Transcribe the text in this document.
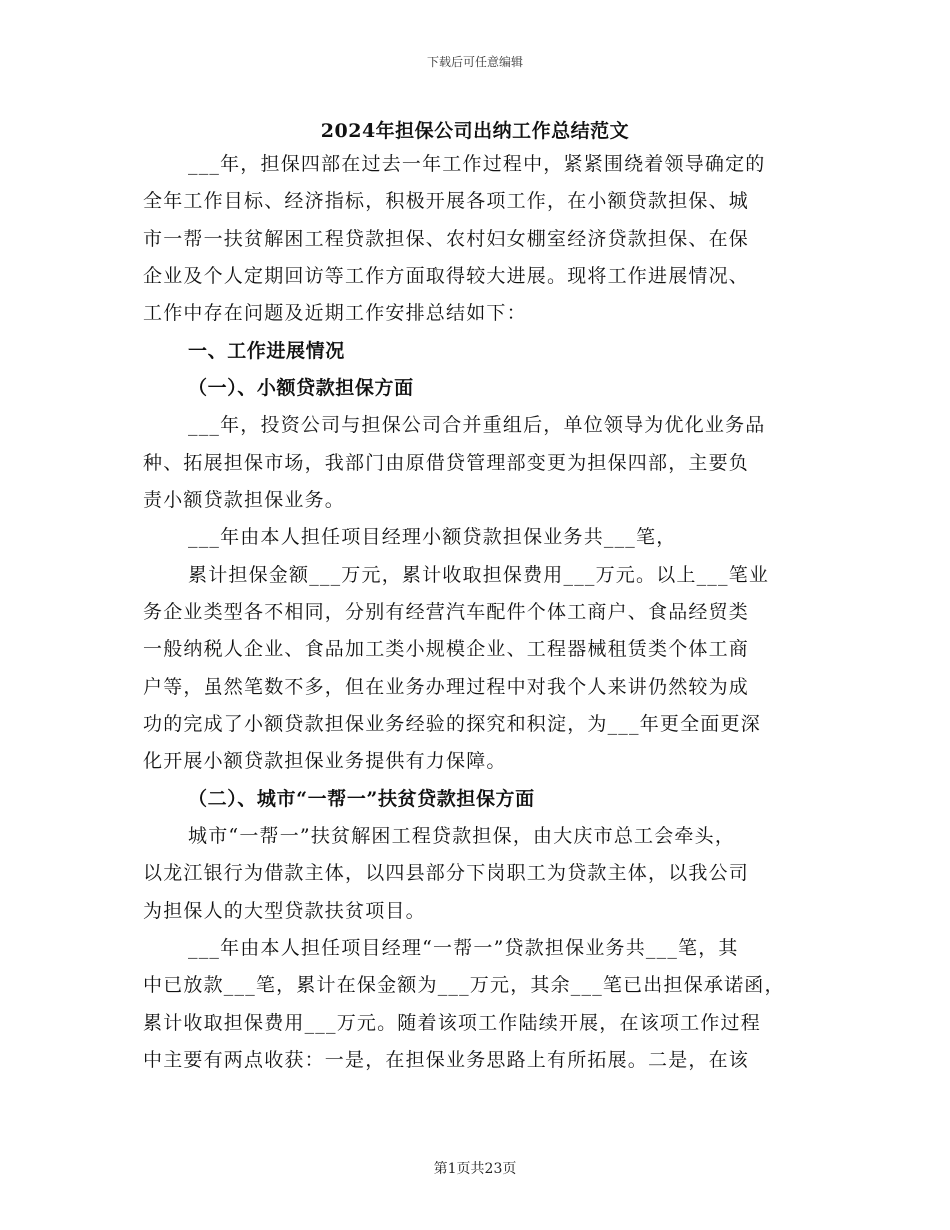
下载后可任意编辑
2024年担保公司出纳工作总结范文
___年，担保四部在过去一年工作过程中，紧紧围绕着领导确定的
全年工作目标、经济指标，积极开展各项工作，在小额贷款担保、城
市一帮一扶贫解困工程贷款担保、农村妇女棚室经济贷款担保、在保
企业及个人定期回访等工作方面取得较大进展。现将工作进展情况、
工作中存在问题及近期工作安排总结如下：
一、工作进展情况
（一）、小额贷款担保方面
___年，投资公司与担保公司合并重组后，单位领导为优化业务品
种、拓展担保市场，我部门由原借贷管理部变更为担保四部，主要负
责小额贷款担保业务。
___年由本人担任项目经理小额贷款担保业务共___笔，
累计担保金额___万元，累计收取担保费用___万元。以上___笔业
务企业类型各不相同，分别有经营汽车配件个体工商户、食品经贸类
一般纳税人企业、食品加工类小规模企业、工程器械租赁类个体工商
户等，虽然笔数不多，但在业务办理过程中对我个人来讲仍然较为成
功的完成了小额贷款担保业务经验的探究和积淀，为___年更全面更深
化开展小额贷款担保业务提供有力保障。
（二）、城市“一帮一”扶贫贷款担保方面
城市“一帮一”扶贫解困工程贷款担保，由大庆市总工会牵头，
以龙江银行为借款主体，以四县部分下岗职工为贷款主体，以我公司
为担保人的大型贷款扶贫项目。
___年由本人担任项目经理“一帮一”贷款担保业务共___笔，其
中已放款___笔，累计在保金额为___万元，其余___笔已出担保承诺函，
累计收取担保费用___万元。随着该项工作陆续开展，在该项工作过程
中主要有两点收获：一是，在担保业务思路上有所拓展。二是，在该
第1页共23页
